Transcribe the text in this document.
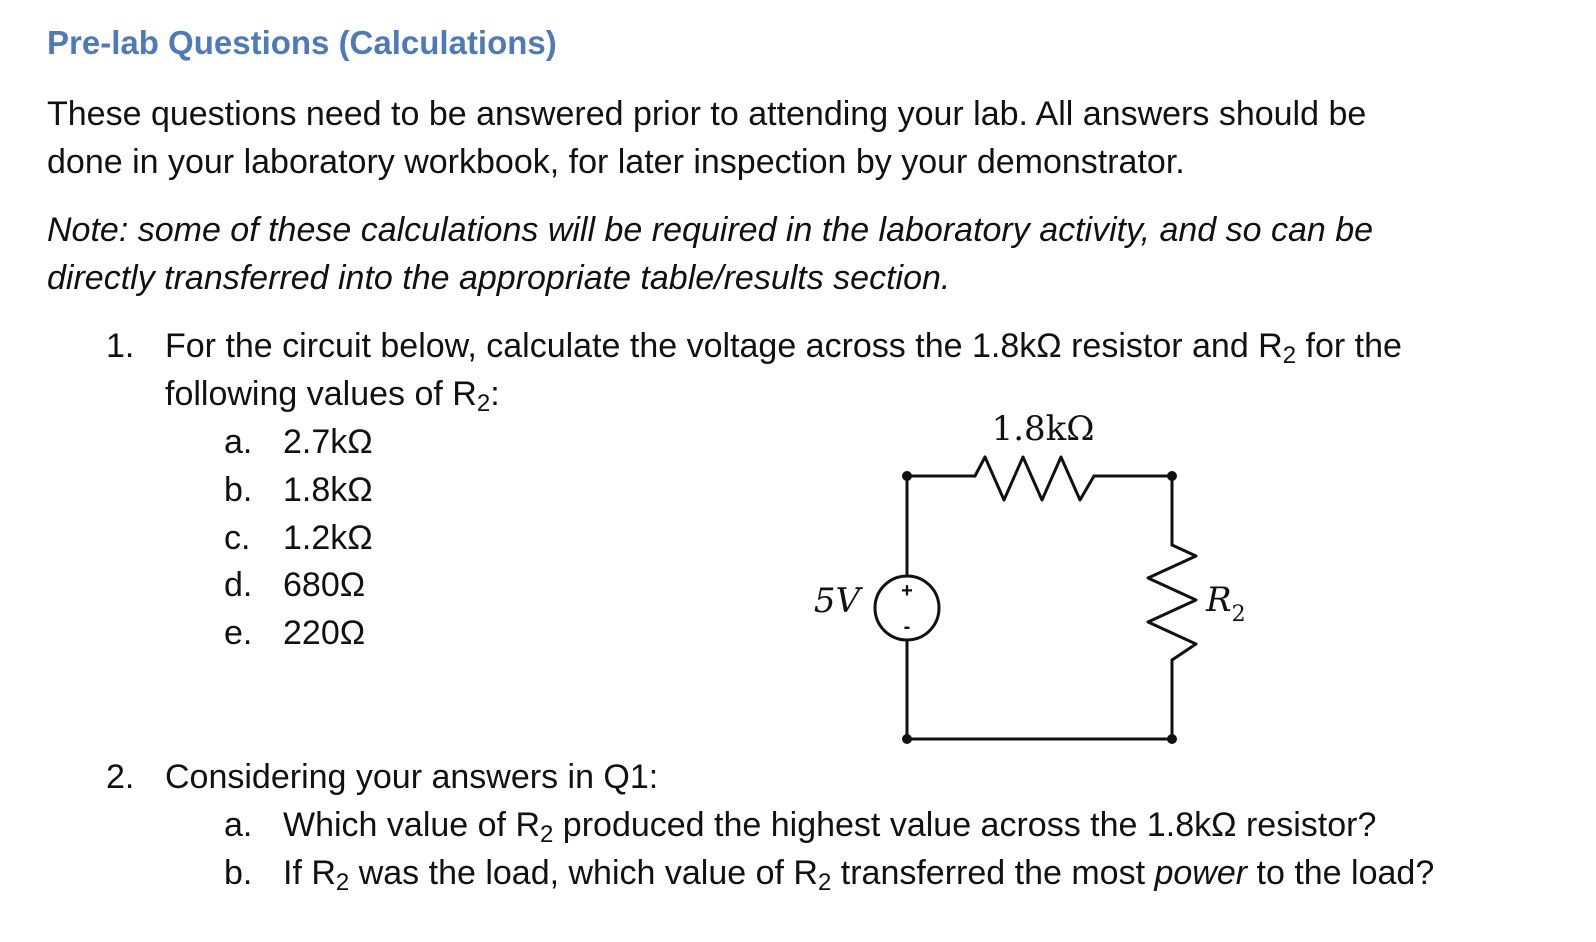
Pre-lab Questions (Calculations)

These questions need to be answered prior to attending your lab. All answers should be
done in your laboratory workbook, for later inspection by your demonstrator.

Note: some of these calculations will be required in the laboratory activity, and so can be
directly transferred into the appropriate table/results section.

1. For the circuit below, calculate the voltage across the 1.8kΩ resistor and $R_2$ for the
following values of $R_2$:
a. 2.7kΩ
b. 1.8kΩ
c. 1.2kΩ
d. 680Ω
e. 220Ω
1.8kΩ
5V +
-
$R_2$
2. Considering your answers in Q1:
a. Which value of $R_2$ produced the highest value across the 1.8kΩ resistor?
b. If $R_2$ was the load, which value of $R_2$ transferred the most power to the load?
